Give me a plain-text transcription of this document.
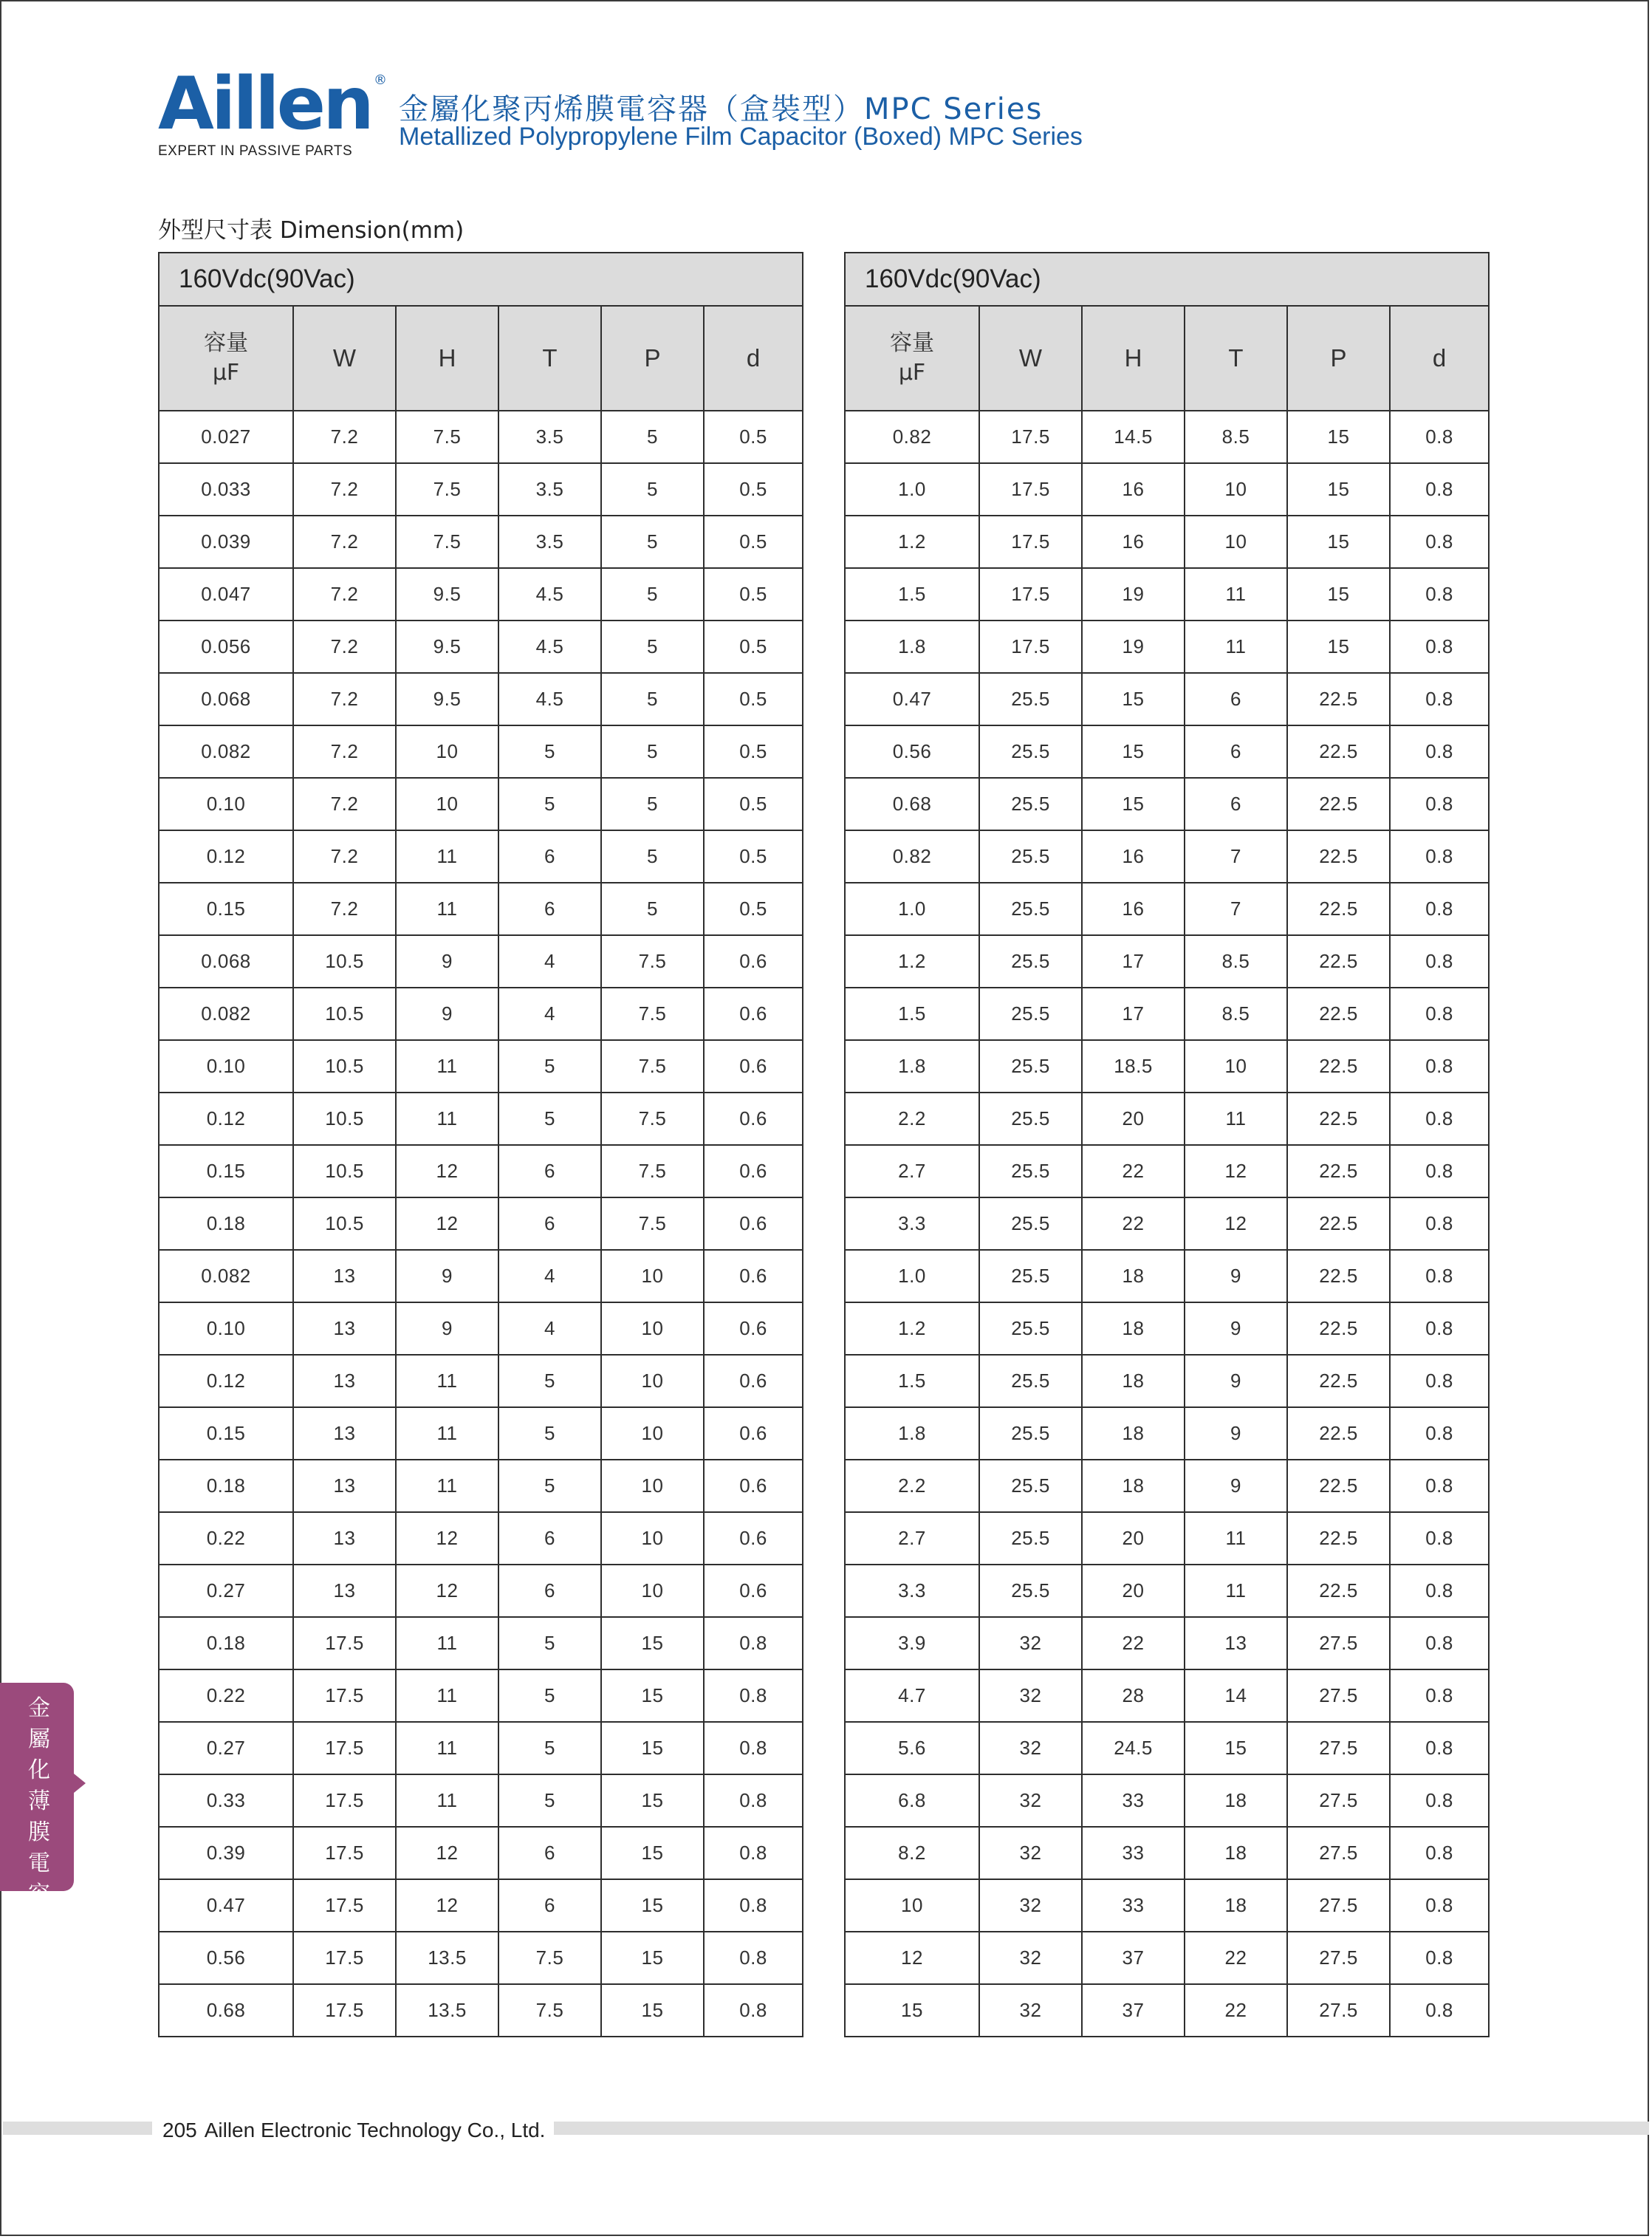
Aillen ®
EXPERT IN PASSIVE PARTS
金屬化聚丙烯膜電容器（盒裝型）MPC Series
Metallized Polypropylene Film Capacitor (Boxed) MPC Series
外型尺寸表 Dimension(mm)
160Vdc(90Vac)					

容量
μF	W	H	T	P	d
0.027	7.2	7.5	3.5	5	0.5
0.033	7.2	7.5	3.5	5	0.5
0.039	7.2	7.5	3.5	5	0.5
0.047	7.2	9.5	4.5	5	0.5
0.056	7.2	9.5	4.5	5	0.5
0.068	7.2	9.5	4.5	5	0.5
0.082	7.2	10	5	5	0.5
0.10	7.2	10	5	5	0.5
0.12	7.2	11	6	5	0.5
0.15	7.2	11	6	5	0.5
0.068	10.5	9	4	7.5	0.6
0.082	10.5	9	4	7.5	0.6
0.10	10.5	11	5	7.5	0.6
0.12	10.5	11	5	7.5	0.6
0.15	10.5	12	6	7.5	0.6
0.18	10.5	12	6	7.5	0.6
0.082	13	9	4	10	0.6
0.10	13	9	4	10	0.6
0.12	13	11	5	10	0.6
0.15	13	11	5	10	0.6
0.18	13	11	5	10	0.6
0.22	13	12	6	10	0.6
0.27	13	12	6	10	0.6
0.18	17.5	11	5	15	0.8
0.22	17.5	11	5	15	0.8
0.27	17.5	11	5	15	0.8
0.33	17.5	11	5	15	0.8
0.39	17.5	12	6	15	0.8
0.47	17.5	12	6	15	0.8
0.56	17.5	13.5	7.5	15	0.8
0.68	17.5	13.5	7.5	15	0.8
160Vdc(90Vac)					

容量
μF	W	H	T	P	d
0.82	17.5	14.5	8.5	15	0.8
1.0	17.5	16	10	15	0.8
1.2	17.5	16	10	15	0.8
1.5	17.5	19	11	15	0.8
1.8	17.5	19	11	15	0.8
0.47	25.5	15	6	22.5	0.8
0.56	25.5	15	6	22.5	0.8
0.68	25.5	15	6	22.5	0.8
0.82	25.5	16	7	22.5	0.8
1.0	25.5	16	7	22.5	0.8
1.2	25.5	17	8.5	22.5	0.8
1.5	25.5	17	8.5	22.5	0.8
1.8	25.5	18.5	10	22.5	0.8
2.2	25.5	20	11	22.5	0.8
2.7	25.5	22	12	22.5	0.8
3.3	25.5	22	12	22.5	0.8
1.0	25.5	18	9	22.5	0.8
1.2	25.5	18	9	22.5	0.8
1.5	25.5	18	9	22.5	0.8
1.8	25.5	18	9	22.5	0.8
2.2	25.5	18	9	22.5	0.8
2.7	25.5	20	11	22.5	0.8
3.3	25.5	20	11	22.5	0.8
3.9	32	22	13	27.5	0.8
4.7	32	28	14	27.5	0.8
5.6	32	24.5	15	27.5	0.8
6.8	32	33	18	27.5	0.8
8.2	32	33	18	27.5	0.8
10	32	33	18	27.5	0.8
12	32	37	22	27.5	0.8
15	32	37	22	27.5	0.8
金屬化薄膜電容
205 Aillen Electronic Technology Co., Ltd.
